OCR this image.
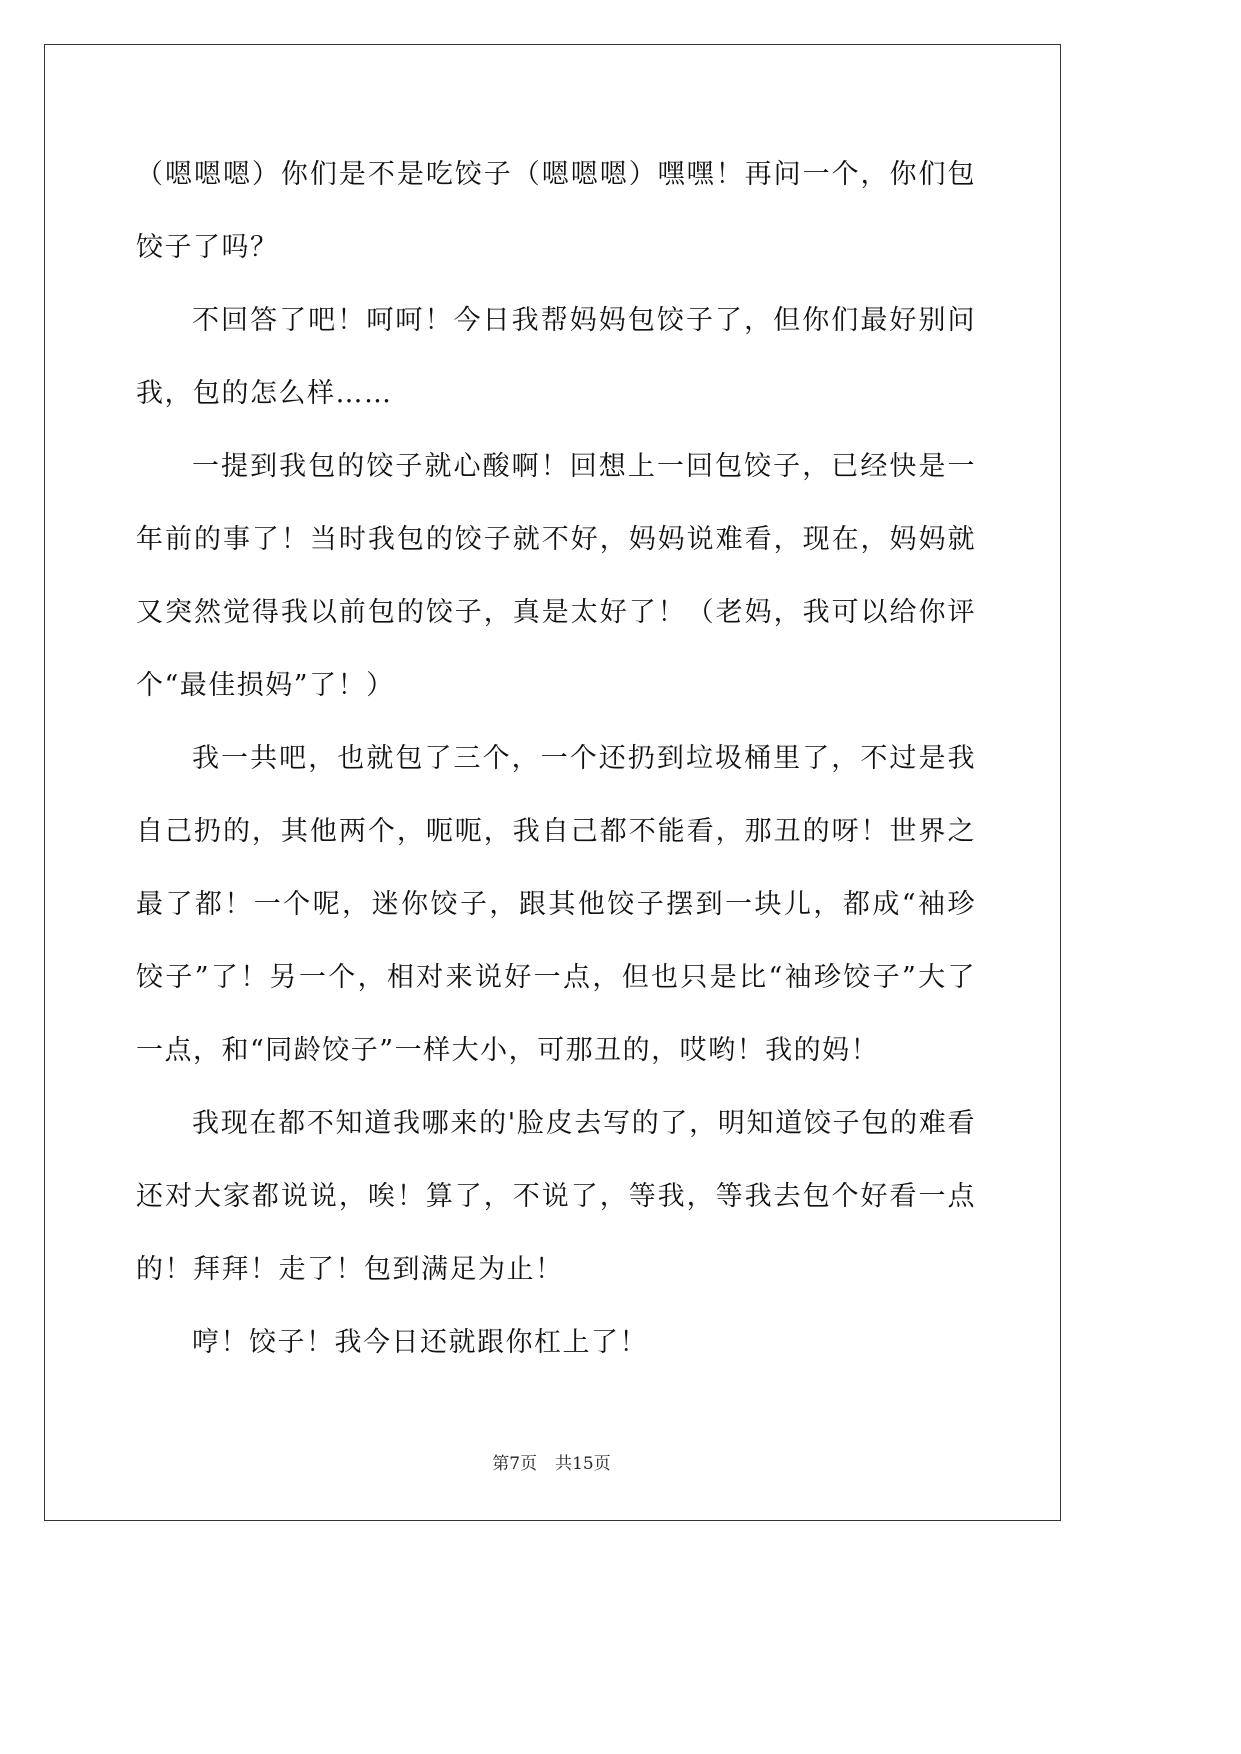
（嗯嗯嗯）你们是不是吃饺子（嗯嗯嗯）嘿嘿！再问一个，你们包饺子了吗？

不回答了吧！呵呵！今日我帮妈妈包饺子了，但你们最好别问我，包的怎么样……

一提到我包的饺子就心酸啊！回想上一回包饺子，已经快是一年前的事了！当时我包的饺子就不好，妈妈说难看，现在，妈妈就又突然觉得我以前包的饺子，真是太好了！（老妈，我可以给你评个“最佳损妈”了！）

我一共吧，也就包了三个，一个还扔到垃圾桶里了，不过是我自己扔的，其他两个，呃呃，我自己都不能看，那丑的呀！世界之最了都！一个呢，迷你饺子，跟其他饺子摆到一块儿，都成“袖珍饺子”了！另一个，相对来说好一点，但也只是比“袖珍饺子”大了一点，和“同龄饺子”一样大小，可那丑的，哎哟！我的妈！

我现在都不知道我哪来的'脸皮去写的了，明知道饺子包的难看还对大家都说说，唉！算了，不说了，等我，等我去包个好看一点的！拜拜！走了！包到满足为止！

哼！饺子！我今日还就跟你杠上了！

第7页 共15页
